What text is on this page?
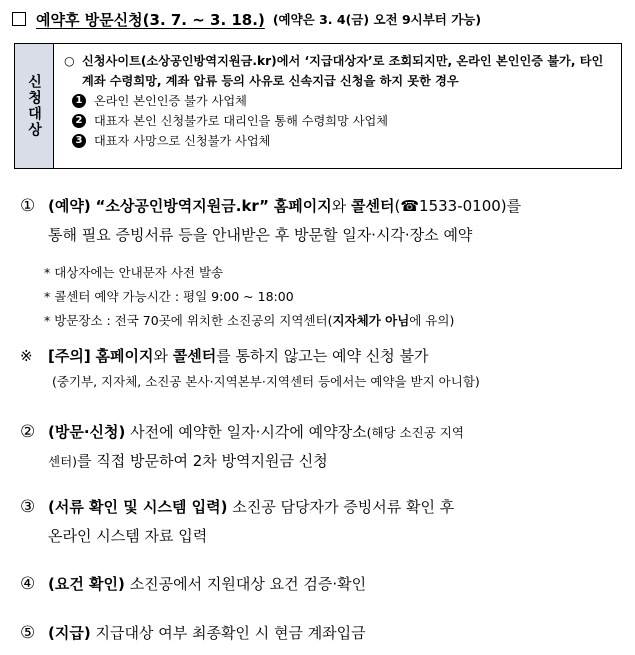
예약후 방문신청(3. 7. ~ 3. 18.) (예약은 3. 4(금) 오전 9시부터 가능)
신청대상
○ 신청사이트(소상공인방역지원금.kr)에서 ‘지급대상자’로 조회되지만, 온라인 본인인증 불가, 타인계좌 수령희망, 계좌 압류 등의 사유로 신속지급 신청을 하지 못한 경우
1 온라인 본인인증 불가 사업체
2 대표자 본인 신청불가로 대리인을 통해 수령희망 사업체
3 대표자 사망으로 신청불가 사업체
① (예약) “소상공인방역지원금.kr” 홈페이지와 콜센터(☎1533-0100)를
통해 필요 증빙서류 등을 안내받은 후 방문할 일자·시각·장소 예약
* 대상자에는 안내문자 사전 발송
* 콜센터 예약 가능시간 : 평일 9:00 ~ 18:00
* 방문장소 : 전국 70곳에 위치한 소진공의 지역센터(지자체가 아님에 유의)
※ [주의] 홈페이지와 콜센터를 통하지 않고는 예약 신청 불가
(중기부, 지자체, 소진공 본사·지역본부·지역센터 등에서는 예약을 받지 아니함)
② (방문·신청) 사전에 예약한 일자·시각에 예약장소(해당 소진공 지역
센터)를 직접 방문하여 2차 방역지원금 신청
③ (서류 확인 및 시스템 입력) 소진공 담당자가 증빙서류 확인 후
온라인 시스템 자료 입력
④ (요건 확인) 소진공에서 지원대상 요건 검증·확인
⑤ (지급) 지급대상 여부 최종확인 시 현금 계좌입금
